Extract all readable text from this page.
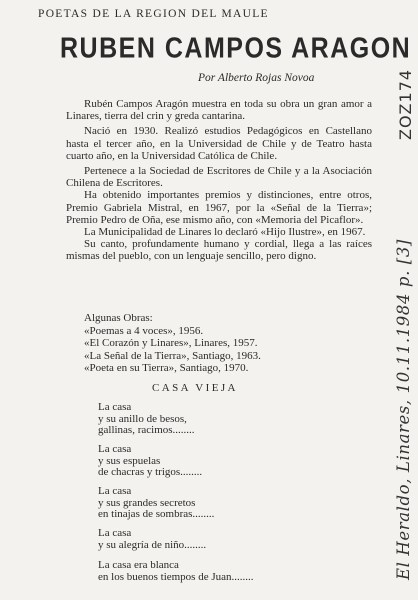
POETAS DE LA REGION DEL MAULE
RUBEN CAMPOS ARAGON
Por Alberto Rojas Novoa

Rubén Campos Aragón muestra en toda su obra un gran amor a Linares, tierra del crin y greda cantarina.

Nació en 1930. Realizó estudios Pedagógicos en Castellano hasta el tercer año, en la Universidad de Chile y de Teatro hasta cuarto año, en la Universidad Católica de Chile.

Pertenece a la Sociedad de Escritores de Chile y a la Asociación Chilena de Escritores.

Ha obtenido importantes premios y distinciones, entre otros, Premio Gabriela Mistral, en 1967, por la «Señal de la Tierra»; Premio Pedro de Oña, ese mismo año, con «Memoria del Picaflor».

La Municipalidad de Linares lo declaró «Hijo Ilustre», en 1967.

Su canto, profundamente humano y cordial, llega a las raíces mismas del pueblo, con un lenguaje sencillo, pero digno.

Algunas Obras:
«Poemas a 4 voces», 1956.
«El Corazón y Linares», Linares, 1957.
«La Señal de la Tierra», Santiago, 1963.
«Poeta en su Tierra», Santiago, 1970.
CASA VIEJA
La casa
y su anillo de besos,
gallinas, racimos........
La casa
y sus espuelas
de chacras y trigos........
La casa
y sus grandes secretos
en tinajas de sombras........
La casa
y su alegría de niño........
La casa era blanca
en los buenos tiempos de Juan........	El Heraldo, Linares, 10.11.1984 p. [3]
ZOZ174
